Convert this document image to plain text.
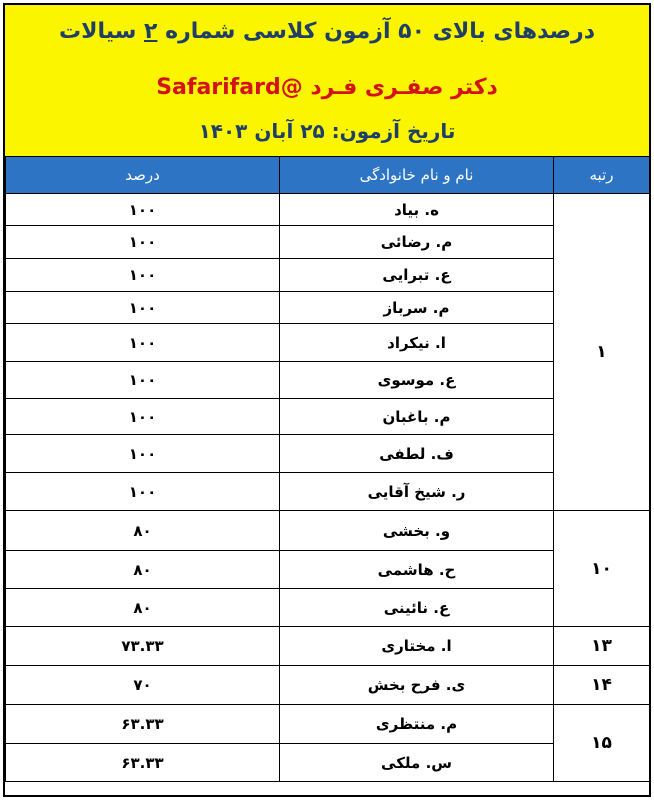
درصدهای بالای ۵۰ آزمون کلاسی شماره ۲ سیالات
دکتر صفـری فـرد @Safarifard
تاریخ آزمون: ۲۵ آبان ۱۴۰۳
رتبه	نام و نام خانوادگی	درصد
۱	ه. بیاد	۱۰۰
	م. رضائی	۱۰۰
	ع. تبرایی	۱۰۰
	م. سرباز	۱۰۰
	ا. نیکراد	۱۰۰
	ع. موسوی	۱۰۰
	م. باغبان	۱۰۰
	ف. لطفی	۱۰۰
	ر. شیخ آقایی	۱۰۰
۱۰	و. بخشی	۸۰
	ح. هاشمی	۸۰
	ع. نائینی	۸۰
۱۳	ا. مختاری	۷۳.۳۳
۱۴	ی. فرح بخش	۷۰
۱۵	م. منتظری	۶۳.۳۳
	س. ملکی	۶۳.۳۳
